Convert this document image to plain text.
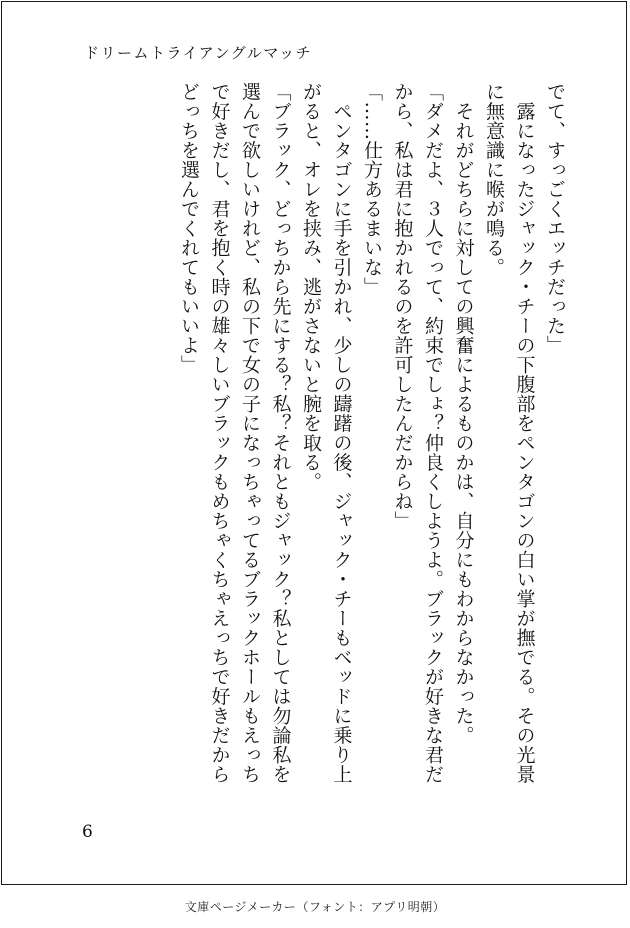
ドリームトライアングルマッチ

でて、すっごくエッチだった」

　露になったジャック・チーの下腹部をペンタゴンの白い掌が撫でる。その光景

に無意識に喉が鳴る。

　それがどちらに対しての興奮によるものかは、自分にもわからなかった。

「ダメだよ、３人でって、約束でしょ？仲良くしようよ。ブラックが好きな君だ

から、私は君に抱かれるのを許可したんだからね」

「……仕方あるまいな」

　ペンタゴンに手を引かれ、少しの躊躇の後、ジャック・チーもベッドに乗り上

がると、オレを挟み、逃がさないと腕を取る。

「ブラック、どっちから先にする？私？それともジャック？私としては勿論私を

選んで欲しいけれど、私の下で女の子になっちゃってるブラックホールもえっち

で好きだし、君を抱く時の雄々しいブラックもめちゃくちゃえっちで好きだから

どっちを選んでくれてもいいよ」

6
文庫ページメーカー（フォント：アプリ明朝）
